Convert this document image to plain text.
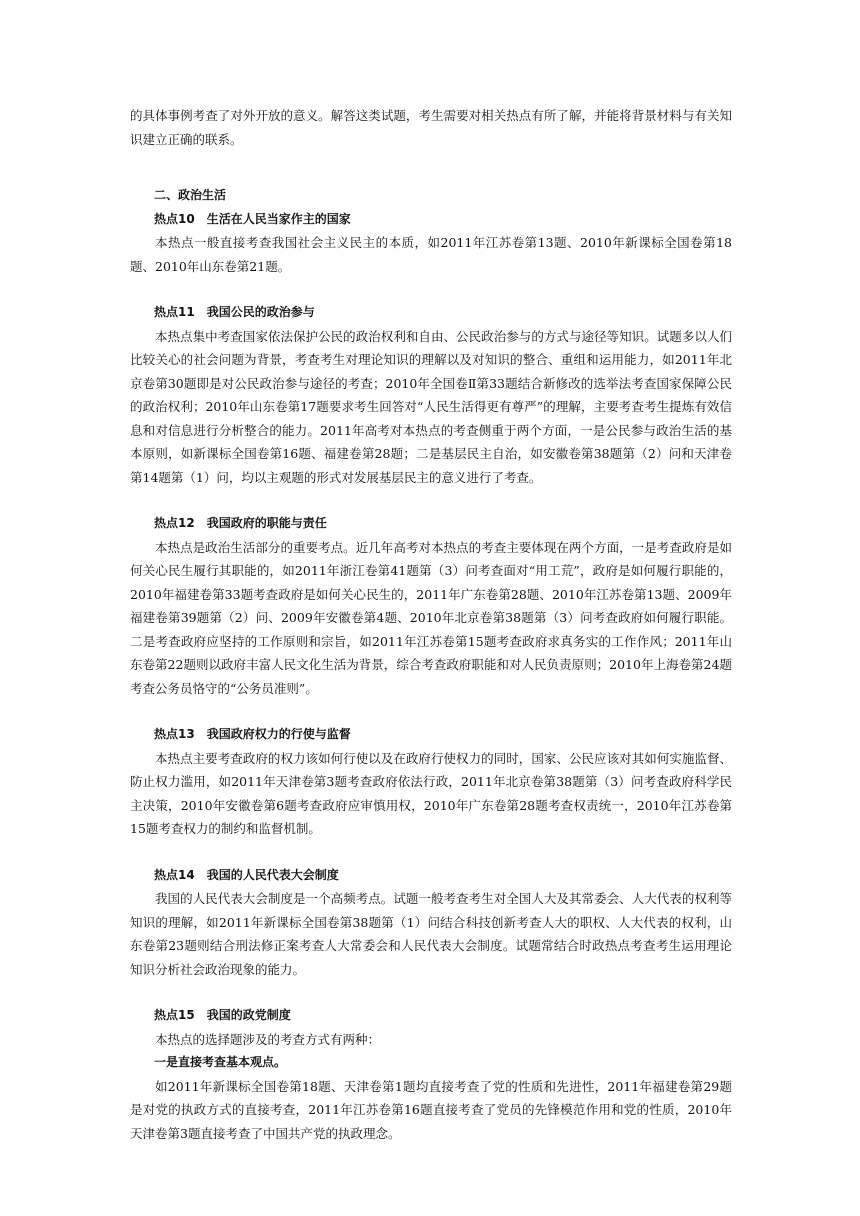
的具体事例考查了对外开放的意义。解答这类试题，考生需要对相关热点有所了解，并能将背景材料与有关知识建立正确的联系。

二、政治生活

热点10　生活在人民当家作主的国家

本热点一般直接考查我国社会主义民主的本质，如2011年江苏卷第13题、2010年新课标全国卷第18题、2010年山东卷第21题。

热点11　我国公民的政治参与

本热点集中考查国家依法保护公民的政治权利和自由、公民政治参与的方式与途径等知识。试题多以人们比较关心的社会问题为背景，考查考生对理论知识的理解以及对知识的整合、重组和运用能力，如2011年北京卷第30题即是对公民政治参与途径的考查；2010年全国卷Ⅱ第33题结合新修改的选举法考查国家保障公民的政治权利；2010年山东卷第17题要求考生回答对“人民生活得更有尊严”的理解，主要考查考生提炼有效信息和对信息进行分析整合的能力。2011年高考对本热点的考查侧重于两个方面，一是公民参与政治生活的基本原则，如新课标全国卷第16题、福建卷第28题；二是基层民主自治，如安徽卷第38题第（2）问和天津卷第14题第（1）问，均以主观题的形式对发展基层民主的意义进行了考查。

热点12　我国政府的职能与责任

本热点是政治生活部分的重要考点。近几年高考对本热点的考查主要体现在两个方面，一是考查政府是如何关心民生履行其职能的，如2011年浙江卷第41题第（3）问考查面对“用工荒”，政府是如何履行职能的，2010年福建卷第33题考查政府是如何关心民生的，2011年广东卷第28题、2010年江苏卷第13题、2009年福建卷第39题第（2）问、2009年安徽卷第4题、2010年北京卷第38题第（3）问考查政府如何履行职能。二是考查政府应坚持的工作原则和宗旨，如2011年江苏卷第15题考查政府求真务实的工作作风；2011年山东卷第22题则以政府丰富人民文化生活为背景，综合考查政府职能和对人民负责原则；2010年上海卷第24题考查公务员恪守的“公务员准则”。

热点13　我国政府权力的行使与监督

本热点主要考查政府的权力该如何行使以及在政府行使权力的同时，国家、公民应该对其如何实施监督、防止权力滥用，如2011年天津卷第3题考查政府依法行政，2011年北京卷第38题第（3）问考查政府科学民主决策，2010年安徽卷第6题考查政府应审慎用权，2010年广东卷第28题考查权责统一，2010年江苏卷第15题考查权力的制约和监督机制。

热点14　我国的人民代表大会制度

我国的人民代表大会制度是一个高频考点。试题一般考查考生对全国人大及其常委会、人大代表的权利等知识的理解，如2011年新课标全国卷第38题第（1）问结合科技创新考查人大的职权、人大代表的权利，山东卷第23题则结合刑法修正案考查人大常委会和人民代表大会制度。试题常结合时政热点考查考生运用理论知识分析社会政治现象的能力。

热点15　我国的政党制度

本热点的选择题涉及的考查方式有两种：

一是直接考查基本观点。

如2011年新课标全国卷第18题、天津卷第1题均直接考查了党的性质和先进性，2011年福建卷第29题是对党的执政方式的直接考查，2011年江苏卷第16题直接考查了党员的先锋模范作用和党的性质，2010年天津卷第3题直接考查了中国共产党的执政理念。
